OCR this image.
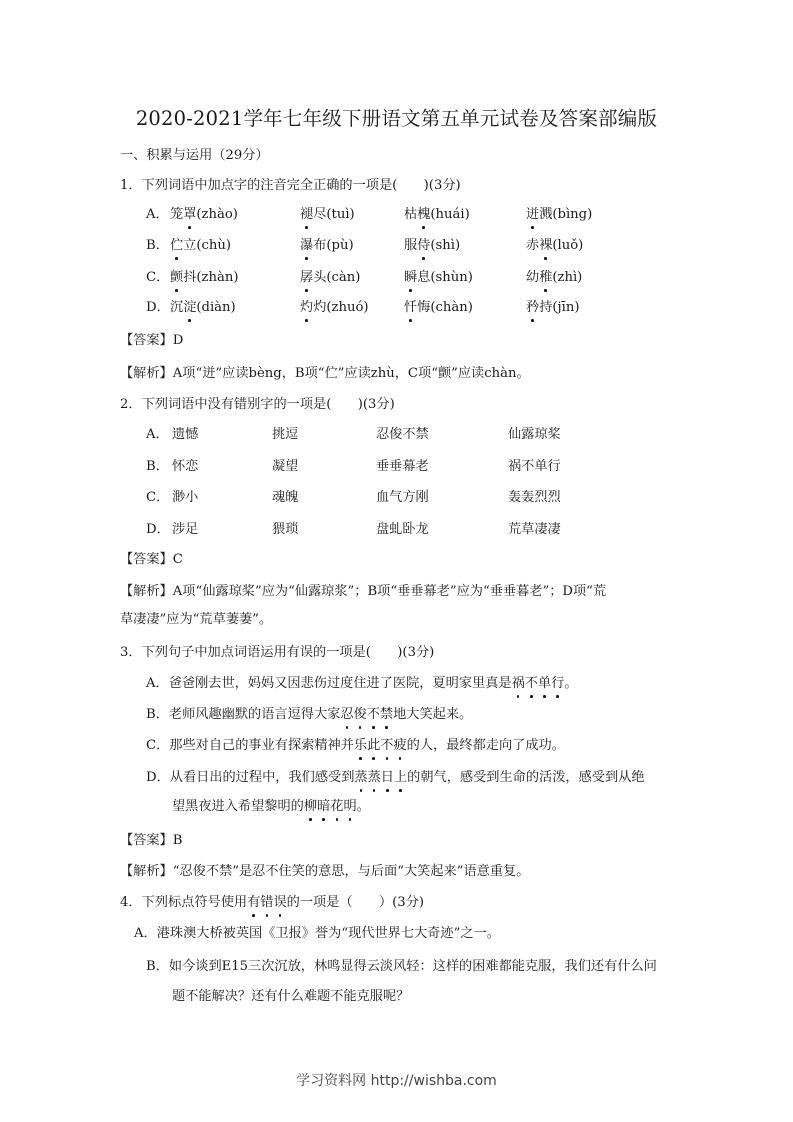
2020-2021学年七年级下册语文第五单元试卷及答案部编版
一、积累与运用（29分）
1．下列词语中加点字的注音完全正确的一项是(　　)(3分)
A． 笼罩(zhào)	褪尽(tuì)	枯槐(huái)	迸溅(bìng)
B． 伫立(chù)	瀑布(pù)	服侍(shì)	赤裸(luǒ)
C． 颤抖(zhàn)	孱头(càn)	瞬息(shùn)	幼稚(zhì)
D． 沉淀(diàn)	灼灼(zhuó)	忏悔(chàn)	矜持(jīn)
【答案】D
【解析】A项“迸”应读bèng，B项“伫”应读zhù，C项“颤”应读chàn。
2．下列词语中没有错别字的一项是(　　)(3分)
A． 遗憾	挑逗	忍俊不禁	仙露琼桨
B． 怀恋	凝望	垂垂幕老	祸不单行
C． 渺小	魂魄	血气方刚	轰轰烈烈
D． 涉足	猥琐	盘虬卧龙	荒草凄凄
【答案】C
【解析】A项“仙露琼桨”应为“仙露琼浆”；B项“垂垂幕老”应为“垂垂暮老”；D项“荒
草凄凄”应为“荒草萋萋”。
3．下列句子中加点词语运用有误的一项是(　　)(3分)
A．爸爸刚去世，妈妈又因悲伤过度住进了医院，夏明家里真是祸不单行。
B．老师风趣幽默的语言逗得大家忍俊不禁地大笑起来。
C．那些对自己的事业有探索精神并乐此不疲的人，最终都走向了成功。
D．从看日出的过程中，我们感受到蒸蒸日上的朝气，感受到生命的活泼，感受到从绝
望黑夜进入希望黎明的柳暗花明。
【答案】B
【解析】“忍俊不禁”是忍不住笑的意思，与后面“大笑起来”语意重复。
4．下列标点符号使用有错误的一项是（　　）(3分)
A．港珠澳大桥被英国《卫报》誉为“现代世界七大奇迹”之一。
B．如今谈到E15三次沉放，林鸣显得云淡风轻：这样的困难都能克服，我们还有什么问
题不能解决？还有什么难题不能克服呢？
学习资料网 http://wishba.com
